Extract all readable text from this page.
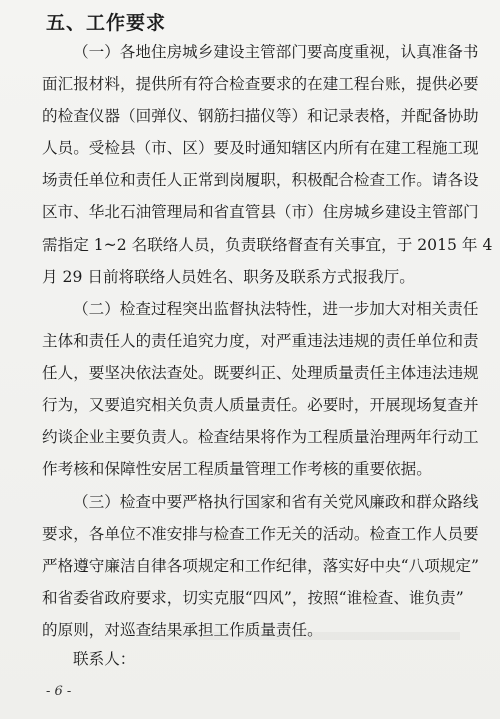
五、工作要求
（一）各地住房城乡建设主管部门要高度重视，认真准备书
面汇报材料，提供所有符合检查要求的在建工程台账，提供必要
的检查仪器（回弹仪、钢筋扫描仪等）和记录表格，并配备协助
人员。受检县（市、区）要及时通知辖区内所有在建工程施工现
场责任单位和责任人正常到岗履职，积极配合检查工作。请各设
区市、华北石油管理局和省直管县（市）住房城乡建设主管部门
需指定 1~2 名联络人员，负责联络督查有关事宜，于 2015 年 4
月 29 日前将联络人员姓名、职务及联系方式报我厅。
（二）检查过程突出监督执法特性，进一步加大对相关责任
主体和责任人的责任追究力度，对严重违法违规的责任单位和责
任人，要坚决依法查处。既要纠正、处理质量责任主体违法违规
行为，又要追究相关负责人质量责任。必要时，开展现场复查并
约谈企业主要负责人。检查结果将作为工程质量治理两年行动工
作考核和保障性安居工程质量管理工作考核的重要依据。
（三）检查中要严格执行国家和省有关党风廉政和群众路线
要求，各单位不准安排与检查工作无关的活动。检查工作人员要
严格遵守廉洁自律各项规定和工作纪律，落实好中央“八项规定”
和省委省政府要求，切实克服“四风”，按照“谁检查、谁负责”
的原则，对巡查结果承担工作质量责任。
联系人：
- 6 -
